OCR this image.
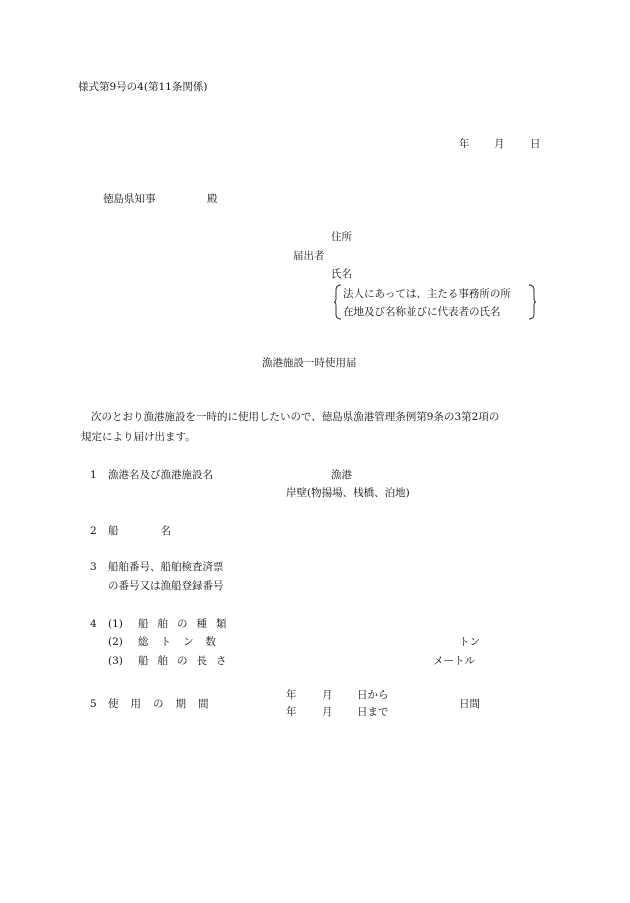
様式第9号の4(第11条関係)
年 月 日
徳島県知事	殿
住所
届出者
氏名
法人にあっては、主たる事務所の所
在地及び名称並びに代表者の氏名
漁港施設一時使用届
次のとおり漁港施設を一時的に使用したいので、徳島県漁港管理条例第9条の3第2項の
規定により届け出ます。
1 漁港名及び漁港施設名	漁港
岸壁(物揚場、桟橋、泊地)
2 船　　　　名
3 船舶番号、船舶検査済票
の番号又は漁船登録番号
4 (1) 船舶の種類
(2) 総トン数	トン
(3) 船舶の長さ	メートル
5 使用の期間
年 月 日から
年 月 日まで
日間
